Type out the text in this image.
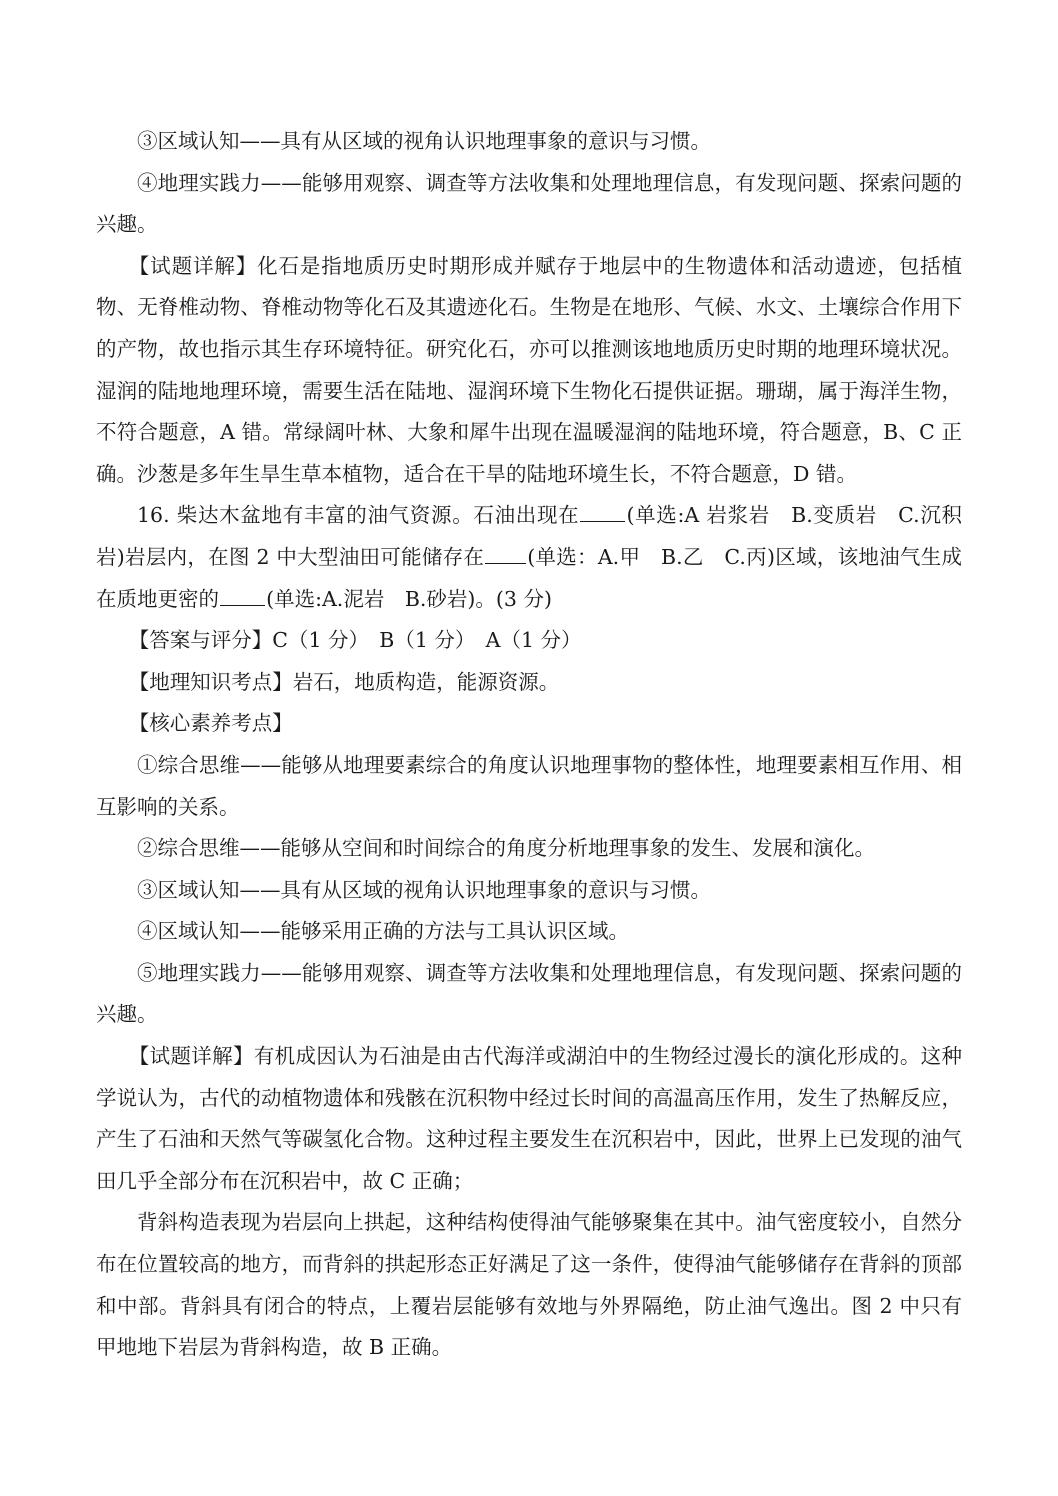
③区域认知——具有从区域的视角认识地理事象的意识与习惯。

④地理实践力——能够用观察、调查等方法收集和处理地理信息，有发现问题、探索问题的兴趣。

【试题详解】化石是指地质历史时期形成并赋存于地层中的生物遗体和活动遗迹，包括植物、无脊椎动物、脊椎动物等化石及其遗迹化石。生物是在地形、气候、水文、土壤综合作用下的产物，故也指示其生存环境特征。研究化石，亦可以推测该地地质历史时期的地理环境状况。湿润的陆地地理环境，需要生活在陆地、湿润环境下生物化石提供证据。珊瑚，属于海洋生物，不符合题意，A 错。常绿阔叶林、大象和犀牛出现在温暖湿润的陆地环境，符合题意，B、C 正确。沙葱是多年生旱生草本植物，适合在干旱的陆地环境生长，不符合题意，D 错。

16. 柴达木盆地有丰富的油气资源。石油出现在 (单选:A 岩浆岩　B.变质岩　C.沉积岩)岩层内，在图 2 中大型油田可能储存在 (单选：A.甲　B.乙　C.丙)区域，该地油气生成在质地更密的 (单选:A.泥岩　B.砂岩)。(3 分)

【答案与评分】C（1 分）　B（1 分）　A（1 分）

【地理知识考点】岩石，地质构造，能源资源。

【核心素养考点】

①综合思维——能够从地理要素综合的角度认识地理事物的整体性，地理要素相互作用、相互影响的关系。

②综合思维——能够从空间和时间综合的角度分析地理事象的发生、发展和演化。

③区域认知——具有从区域的视角认识地理事象的意识与习惯。

④区域认知——能够采用正确的方法与工具认识区域。

⑤地理实践力——能够用观察、调查等方法收集和处理地理信息，有发现问题、探索问题的兴趣。

【试题详解】有机成因认为石油是由古代海洋或湖泊中的生物经过漫长的演化形成的。这种学说认为，古代的动植物遗体和残骸在沉积物中经过长时间的高温高压作用，发生了热解反应，产生了石油和天然气等碳氢化合物。这种过程主要发生在沉积岩中，因此，世界上已发现的油气田几乎全部分布在沉积岩中，故 C 正确；

背斜构造表现为岩层向上拱起，这种结构使得油气能够聚集在其中。油气密度较小，自然分布在位置较高的地方，而背斜的拱起形态正好满足了这一条件，使得油气能够储存在背斜的顶部和中部。背斜具有闭合的特点，上覆岩层能够有效地与外界隔绝，防止油气逸出。图 2 中只有甲地地下岩层为背斜构造，故 B 正确。
